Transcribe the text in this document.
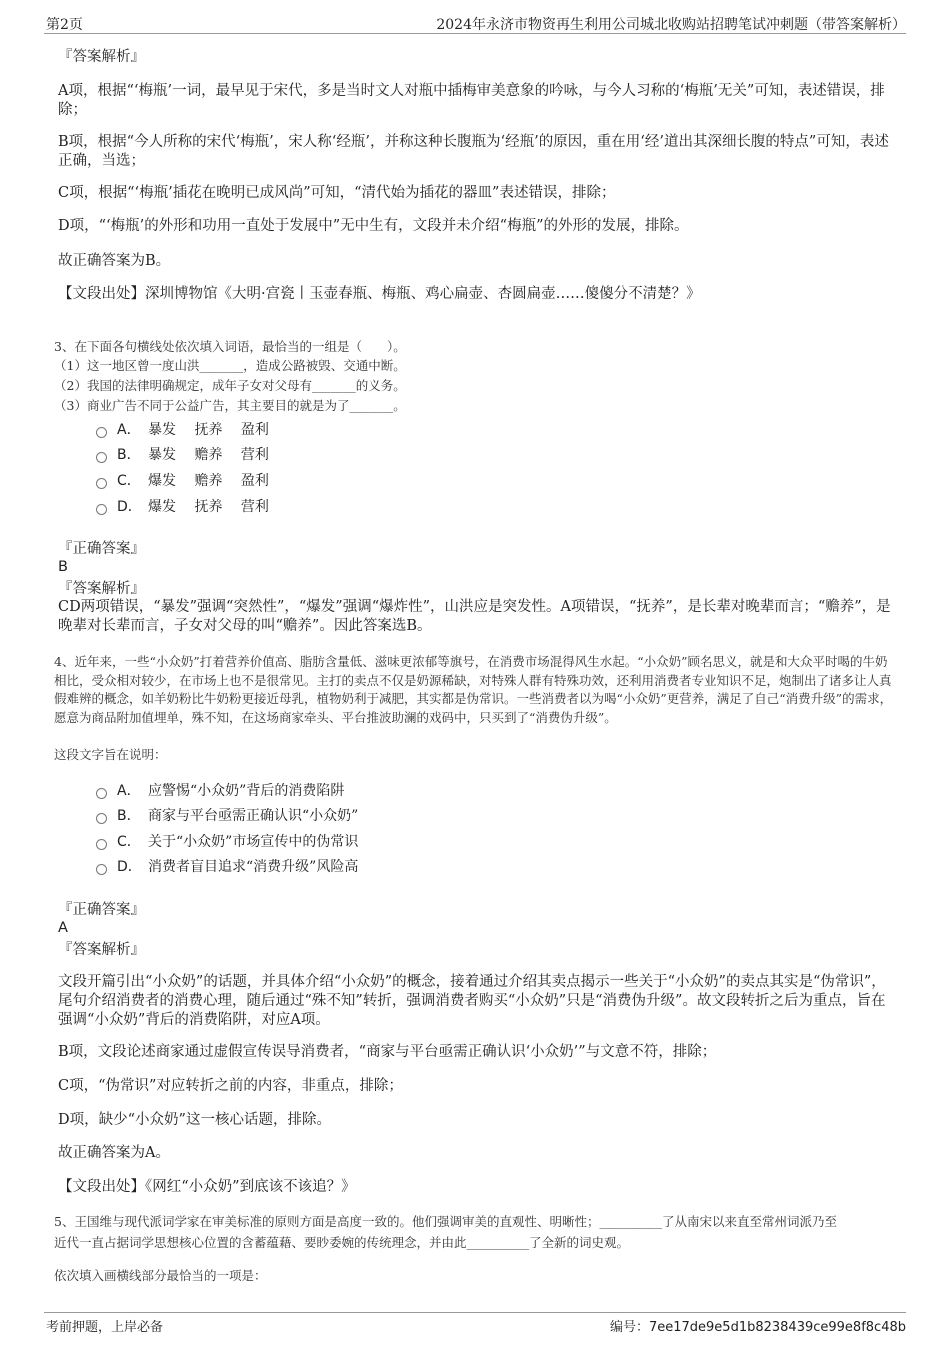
第2页	2024年永济市物资再生利用公司城北收购站招聘笔试冲刺题（带答案解析）
『答案解析』
A项，根据“‘梅瓶’一词，最早见于宋代，多是当时文人对瓶中插梅审美意象的吟咏，与今人习称的‘梅瓶’无关”可知，表述错误，排除；
B项，根据“今人所称的宋代‘梅瓶’，宋人称‘经瓶’，并称这种长腹瓶为‘经瓶’的原因，重在用‘经’道出其深细长腹的特点”可知，表述正确，当选；
C项，根据“‘梅瓶’插花在晚明已成风尚”可知，“清代始为插花的器皿”表述错误，排除；
D项，“‘梅瓶’的外形和功用一直处于发展中”无中生有，文段并未介绍“梅瓶”的外形的发展，排除。
故正确答案为B。
【文段出处】深圳博物馆《大明·宫瓷丨玉壶春瓶、梅瓶、鸡心扁壶、杏圆扁壶……傻傻分不清楚？》
3、在下面各句横线处依次填入词语，最恰当的一组是（　　）。
（1）这一地区曾一度山洪_______，造成公路被毁、交通中断。
（2）我国的法律明确规定，成年子女对父母有_______的义务。
（3）商业广告不同于公益广告，其主要目的就是为了_______。
A． 暴发　 抚养　 盈利
B． 暴发　 赡养　 营利
C． 爆发　 赡养　 盈利
D． 爆发　 抚养　 营利
『正确答案』
B
『答案解析』
CD两项错误，“暴发”强调“突然性”，“爆发”强调“爆炸性”，山洪应是突发性。A项错误，“抚养”，是长辈对晚辈而言；“赡养”，是晚辈对长辈而言，子女对父母的叫“赡养”。因此答案选B。
4、近年来，一些“小众奶”打着营养价值高、脂肪含量低、滋味更浓郁等旗号，在消费市场混得风生水起。“小众奶”顾名思义，就是和大众平时喝的牛奶相比，受众相对较少，在市场上也不是很常见。主打的卖点不仅是奶源稀缺，对特殊人群有特殊功效，还利用消费者专业知识不足，炮制出了诸多让人真假难辨的概念，如羊奶粉比牛奶粉更接近母乳，植物奶利于减肥，其实都是伪常识。一些消费者以为喝“小众奶”更营养，满足了自己“消费升级”的需求，愿意为商品附加值埋单，殊不知，在这场商家牵头、平台推波助澜的戏码中，只买到了“消费伪升级”。
这段文字旨在说明：
A． 应警惕“小众奶”背后的消费陷阱
B． 商家与平台亟需正确认识“小众奶”
C． 关于“小众奶”市场宣传中的伪常识
D． 消费者盲目追求“消费升级”风险高
『正确答案』
A
『答案解析』
文段开篇引出“小众奶”的话题，并具体介绍“小众奶”的概念，接着通过介绍其卖点揭示一些关于“小众奶”的卖点其实是“伪常识”，尾句介绍消费者的消费心理，随后通过“殊不知”转折，强调消费者购买“小众奶”只是“消费伪升级”。故文段转折之后为重点，旨在强调“小众奶”背后的消费陷阱，对应A项。
B项，文段论述商家通过虚假宣传误导消费者，“商家与平台亟需正确认识‘小众奶’”与文意不符，排除；
C项，“伪常识”对应转折之前的内容，非重点，排除；
D项，缺少“小众奶”这一核心话题，排除。
故正确答案为A。
【文段出处】《网红“小众奶”到底该不该追？》
5、王国维与现代派词学家在审美标准的原则方面是高度一致的。他们强调审美的直观性、明晰性；__________了从南宋以来直至常州词派乃至
近代一直占据词学思想核心位置的含蓄蕴藉、要眇委婉的传统理念，并由此__________了全新的词史观。
依次填入画横线部分最恰当的一项是：
考前押题，上岸必备	编号：7ee17de9e5d1b8238439ce99e8f8c48b
